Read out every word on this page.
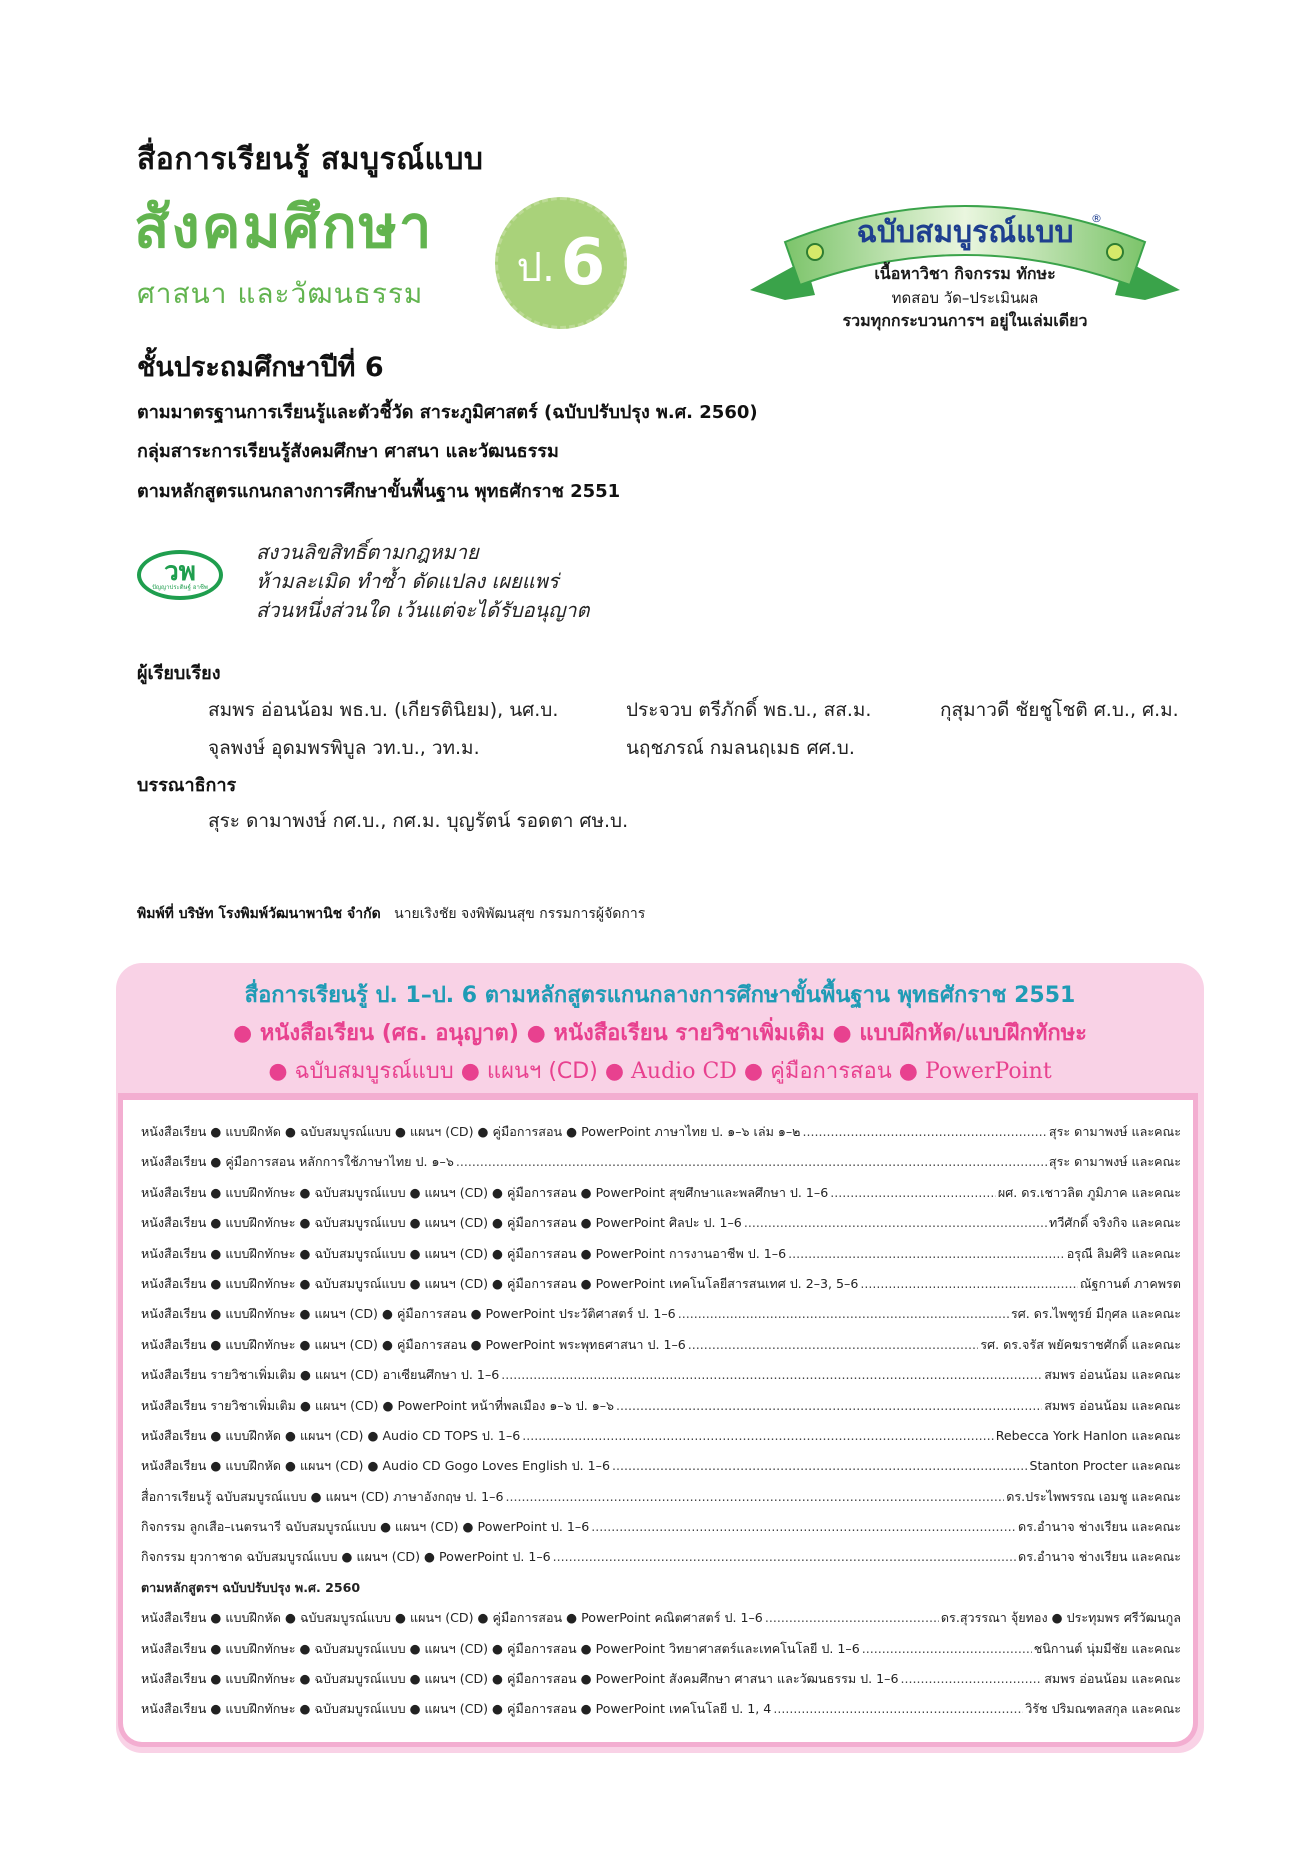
สื่อการเรียนรู้ สมบูรณ์แบบ
สังคมศึกษา
ศาสนา และวัฒนธรรม
ป. 6	ฉบับสมบูรณ์แบบ ®
เนื้อหาวิชา กิจกรรม ทักษะ
ทดสอบ วัด–ประเมินผล
รวมทุกกระบวนการฯ อยู่ในเล่มเดียว
ชั้นประถมศึกษาปีที่ 6
ตามมาตรฐานการเรียนรู้และตัวชี้วัด สาระภูมิศาสตร์ (ฉบับปรับปรุง พ.ศ. 2560)
กลุ่มสาระการเรียนรู้สังคมศึกษา ศาสนา และวัฒนธรรม
ตามหลักสูตรแกนกลางการศึกษาขั้นพื้นฐาน พุทธศักราช 2551
วพ
ปัญญาประดิษฐ์ อาชีพ
สงวนลิขสิทธิ์ตามกฎหมาย
ห้ามละเมิด ทำซ้ำ ดัดแปลง เผยแพร่
ส่วนหนึ่งส่วนใด เว้นแต่จะได้รับอนุญาต
ผู้เรียบเรียง
สมพร อ่อนน้อม พธ.บ. (เกียรตินิยม), นศ.บ.	ประจวบ ตรีภักดิ์ พธ.บ., สส.ม.	กุสุมาวดี ชัยชูโชติ ศ.บ., ศ.ม.
จุลพงษ์ อุดมพรพิบูล วท.บ., วท.ม.	นฤชภรณ์ กมลนฤเมธ ศศ.บ.
บรรณาธิการ
สุระ ดามาพงษ์ กศ.บ., กศ.ม. บุญรัตน์ รอดตา ศษ.บ.
พิมพ์ที่ บริษัท โรงพิมพ์วัฒนาพานิช จำกัด นายเริงชัย จงพิพัฒนสุข กรรมการผู้จัดการ
สื่อการเรียนรู้ ป. 1–ป. 6 ตามหลักสูตรแกนกลางการศึกษาขั้นพื้นฐาน พุทธศักราช 2551
● หนังสือเรียน (ศธ. อนุญาต) ● หนังสือเรียน รายวิชาเพิ่มเติม ● แบบฝึกหัด/แบบฝึกทักษะ
● ฉบับสมบูรณ์แบบ ● แผนฯ (CD) ● Audio CD ● คู่มือการสอน ● PowerPoint
หนังสือเรียน ● แบบฝึกหัด ● ฉบับสมบูรณ์แบบ ● แผนฯ (CD) ● คู่มือการสอน ● PowerPoint ภาษาไทย ป. ๑–๖ เล่ม ๑–๒ .....	สุระ ดามาพงษ์ และคณะ
หนังสือเรียน ● คู่มือการสอน หลักการใช้ภาษาไทย ป. ๑–๖ .....	สุระ ดามาพงษ์ และคณะ
หนังสือเรียน ● แบบฝึกทักษะ ● ฉบับสมบูรณ์แบบ ● แผนฯ (CD) ● คู่มือการสอน ● PowerPoint สุขศึกษาและพลศึกษา ป. 1–6 .....	ผศ. ดร.เชาวลิต ภูมิภาค และคณะ
หนังสือเรียน ● แบบฝึกทักษะ ● ฉบับสมบูรณ์แบบ ● แผนฯ (CD) ● คู่มือการสอน ● PowerPoint ศิลปะ ป. 1–6 .....	ทวีศักดิ์ จริงกิจ และคณะ
หนังสือเรียน ● แบบฝึกทักษะ ● ฉบับสมบูรณ์แบบ ● แผนฯ (CD) ● คู่มือการสอน ● PowerPoint การงานอาชีพ ป. 1–6 .....	อรุณี ลิมศิริ และคณะ
หนังสือเรียน ● แบบฝึกทักษะ ● ฉบับสมบูรณ์แบบ ● แผนฯ (CD) ● คู่มือการสอน ● PowerPoint เทคโนโลยีสารสนเทศ ป. 2–3, 5–6 .....	ณัฐกานต์ ภาคพรต
หนังสือเรียน ● แบบฝึกทักษะ ● แผนฯ (CD) ● คู่มือการสอน ● PowerPoint ประวัติศาสตร์ ป. 1–6 .....	รศ. ดร.ไพฑูรย์ มีกุศล และคณะ
หนังสือเรียน ● แบบฝึกทักษะ ● แผนฯ (CD) ● คู่มือการสอน ● PowerPoint พระพุทธศาสนา ป. 1–6 .....	รศ. ดร.จรัส พยัคฆราชศักดิ์ และคณะ
หนังสือเรียน รายวิชาเพิ่มเติม ● แผนฯ (CD) อาเซียนศึกษา ป. 1–6 .....	สมพร อ่อนน้อม และคณะ
หนังสือเรียน รายวิชาเพิ่มเติม ● แผนฯ (CD) ● PowerPoint หน้าที่พลเมือง ๑–๖ ป. ๑–๖ .....	สมพร อ่อนน้อม และคณะ
หนังสือเรียน ● แบบฝึกหัด ● แผนฯ (CD) ● Audio CD TOPS ป. 1–6 .....	Rebecca York Hanlon และคณะ
หนังสือเรียน ● แบบฝึกหัด ● แผนฯ (CD) ● Audio CD Gogo Loves English ป. 1–6 .....	Stanton Procter และคณะ
สื่อการเรียนรู้ ฉบับสมบูรณ์แบบ ● แผนฯ (CD) ภาษาอังกฤษ ป. 1–6 .....	ดร.ประไพพรรณ เอมชู และคณะ
กิจกรรม ลูกเสือ–เนตรนารี ฉบับสมบูรณ์แบบ ● แผนฯ (CD) ● PowerPoint ป. 1–6 .....	ดร.อำนาจ ช่างเรียน และคณะ
กิจกรรม ยุวกาชาด ฉบับสมบูรณ์แบบ ● แผนฯ (CD) ● PowerPoint ป. 1–6 .....	ดร.อำนาจ ช่างเรียน และคณะ
ตามหลักสูตรฯ ฉบับปรับปรุง พ.ศ. 2560
หนังสือเรียน ● แบบฝึกหัด ● ฉบับสมบูรณ์แบบ ● แผนฯ (CD) ● คู่มือการสอน ● PowerPoint คณิตศาสตร์ ป. 1–6 .....	ดร.สุวรรณา จุ้ยทอง ● ประทุมพร ศรีวัฒนกูล
หนังสือเรียน ● แบบฝึกทักษะ ● ฉบับสมบูรณ์แบบ ● แผนฯ (CD) ● คู่มือการสอน ● PowerPoint วิทยาศาสตร์และเทคโนโลยี ป. 1–6 .....	ชนิกานต์ นุ่มมีชัย และคณะ
หนังสือเรียน ● แบบฝึกทักษะ ● ฉบับสมบูรณ์แบบ ● แผนฯ (CD) ● คู่มือการสอน ● PowerPoint สังคมศึกษา ศาสนา และวัฒนธรรม ป. 1–6 .....	สมพร อ่อนน้อม และคณะ
หนังสือเรียน ● แบบฝึกทักษะ ● ฉบับสมบูรณ์แบบ ● แผนฯ (CD) ● คู่มือการสอน ● PowerPoint เทคโนโลยี ป. 1, 4 .....	วิรัช ปริมณฑลสกุล และคณะ
